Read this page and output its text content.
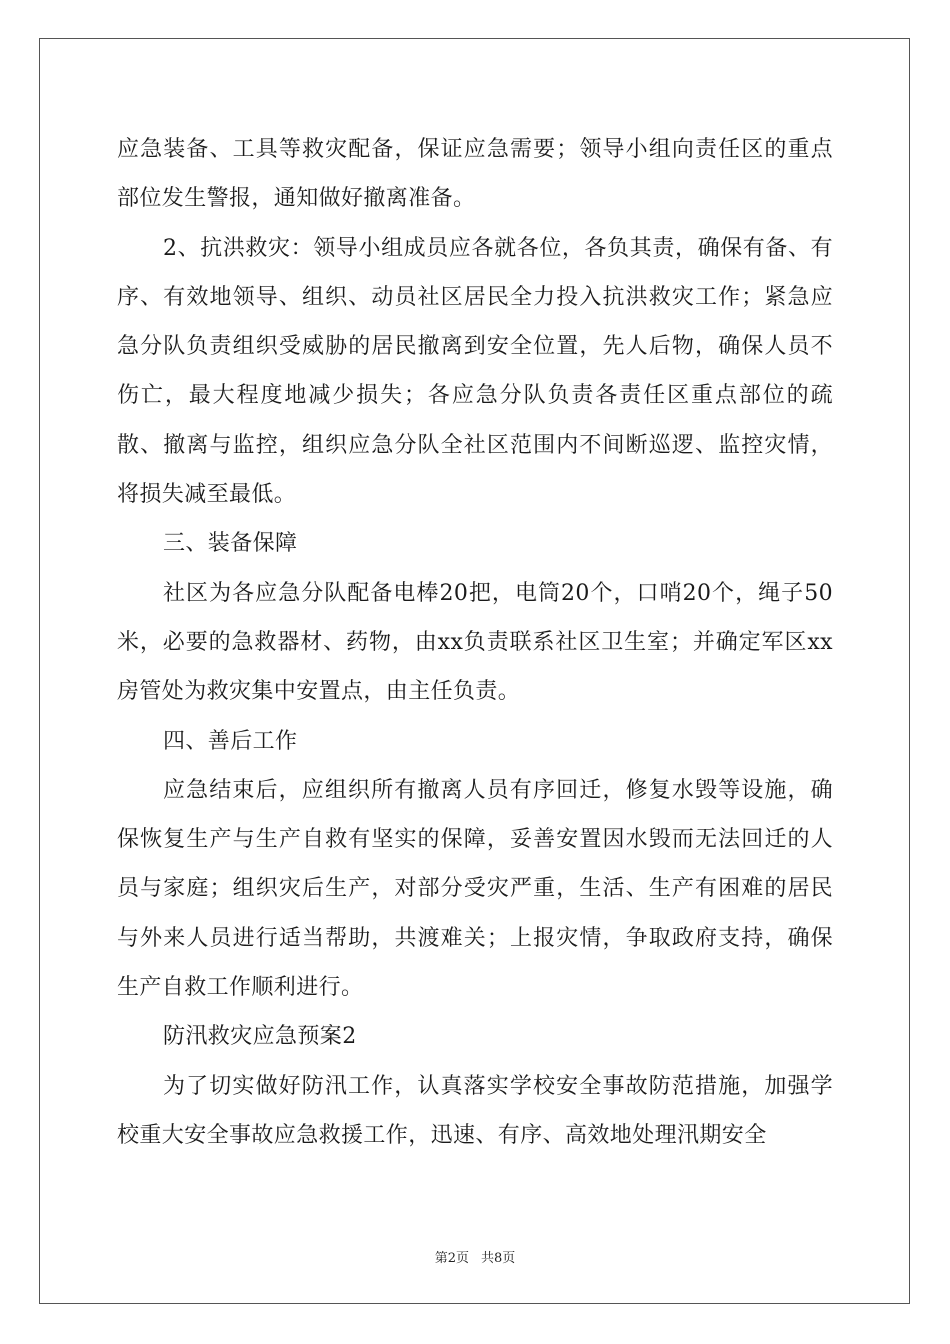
应急装备、工具等救灾配备，保证应急需要；领导小组向责任区的重点部位发生警报，通知做好撤离准备。

2、抗洪救灾：领导小组成员应各就各位，各负其责，确保有备、有序、有效地领导、组织、动员社区居民全力投入抗洪救灾工作；紧急应急分队负责组织受威胁的居民撤离到安全位置，先人后物，确保人员不伤亡，最大程度地减少损失；各应急分队负责各责任区重点部位的疏散、撤离与监控，组织应急分队全社区范围内不间断巡逻、监控灾情，将损失减至最低。

三、装备保障

社区为各应急分队配备电棒20把，电筒20个，口哨20个，绳子50米，必要的急救器材、药物，由xx负责联系社区卫生室；并确定军区xx房管处为救灾集中安置点，由主任负责。

四、善后工作

应急结束后，应组织所有撤离人员有序回迁，修复水毁等设施，确保恢复生产与生产自救有坚实的保障，妥善安置因水毁而无法回迁的人员与家庭；组织灾后生产，对部分受灾严重，生活、生产有困难的居民与外来人员进行适当帮助，共渡难关；上报灾情，争取政府支持，确保生产自救工作顺利进行。

防汛救灾应急预案2

为了切实做好防汛工作，认真落实学校安全事故防范措施，加强学校重大安全事故应急救援工作，迅速、有序、高效地处理汛期安全

第2页 共8页
